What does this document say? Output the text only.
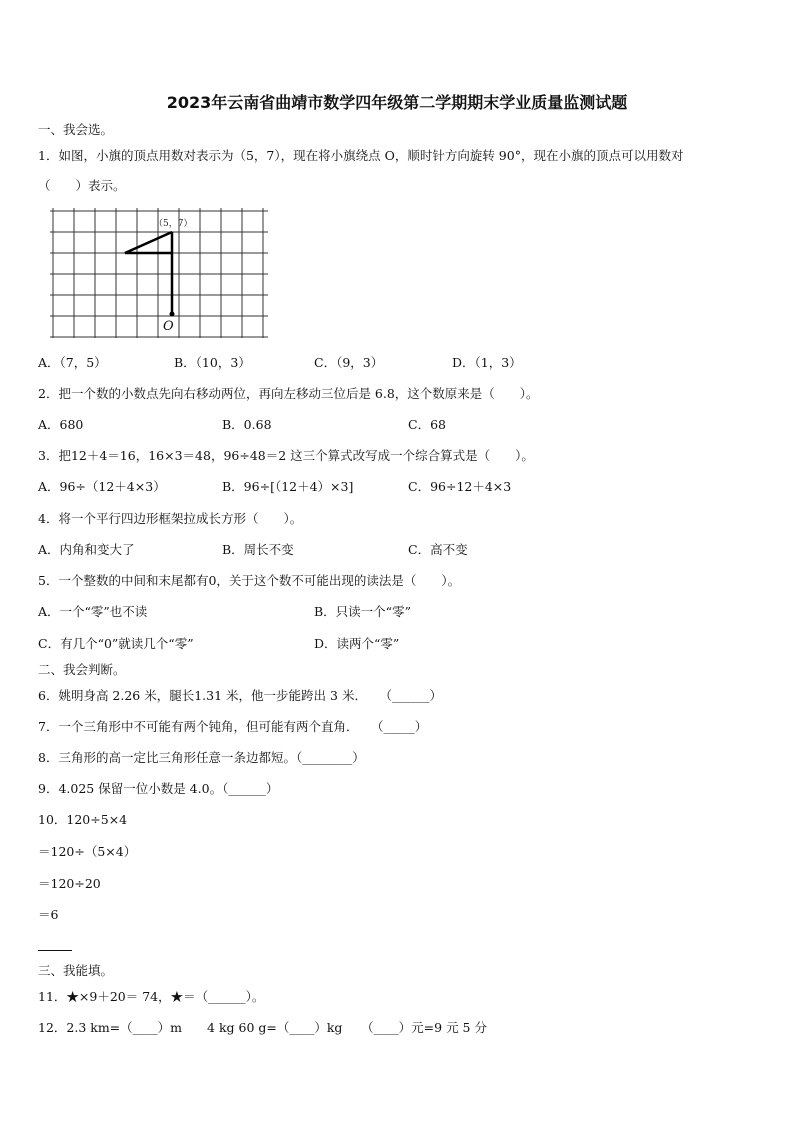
2023年云南省曲靖市数学四年级第二学期期末学业质量监测试题
一、我会选。
1．如图，小旗的顶点用数对表示为（5，7），现在将小旗绕点 O，顺时针方向旋转 90°，现在小旗的顶点可以用数对
（　　）表示。
（5，7）
O
A．（7，5）	B．（10，3）	C．（9，3）	D．（1，3）
2．把一个数的小数点先向右移动两位，再向左移动三位后是 6.8，这个数原来是（　　）。
A．680	B．0.68	C．68
3．把12＋4＝16，16×3＝48，96÷48＝2 这三个算式改写成一个综合算式是（　　）。
A．96÷（12＋4×3）	B．96÷[（12＋4）×3]	C．96÷12＋4×3
4．将一个平行四边形框架拉成长方形（　　）。
A．内角和变大了	B．周长不变	C．高不变
5．一个整数的中间和末尾都有0，关于这个数不可能出现的读法是（　　）。
A．一个“零”也不读	B．只读一个“零”
C．有几个“0”就读几个“零”	D．读两个“零”
二、我会判断。
6．姚明身高 2.26 米，腿长1.31 米，他一步能跨出 3 米．　　（______）
7．一个三角形中不可能有两个钝角，但可能有两个直角．　　（_____）
8．三角形的高一定比三角形任意一条边都短。（________）
9．4.025 保留一位小数是 4.0。（______）
10．120÷5×4
＝120÷（5×4）
＝120÷20
＝6
三、我能填。
11．★×9＋20＝ 74，★＝（______）。
12．2.3 km=（____）m　　4 kg 60 g=（____）kg　　（____）元=9 元 5 分
